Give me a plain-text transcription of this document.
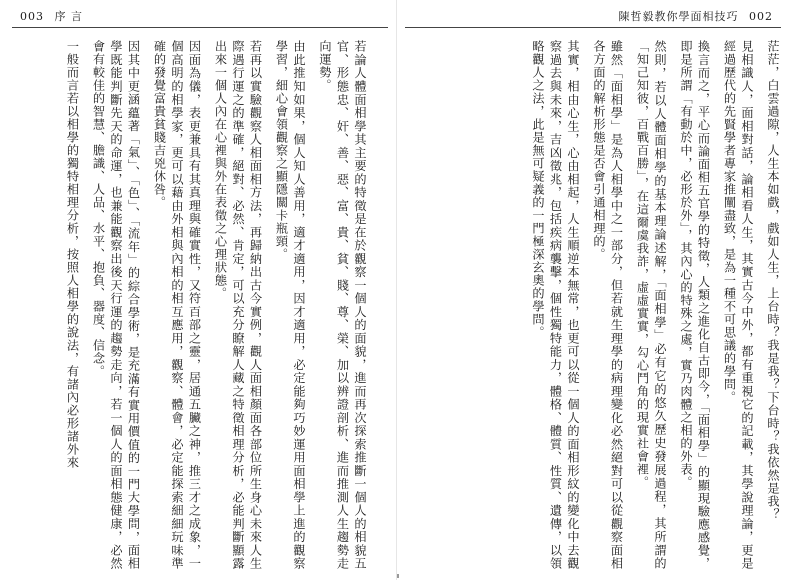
003 序 言

若論人體面相學其主要的特徵是在於觀察一個人的面貌，進而再次探索推斷一個人的相貌五官、形態忠、奸、善、惡、富、貴、貧、賤、尊、榮、加以辨證剖析、進而推測人生趨勢走向運勢。

由此推知如果，個人知人善用，適才適用，因才適用，必定能夠巧妙運用面相學上進的觀察學習，細心會領觀察之顯隱關卡瓶頸。

若再以實驗觀察人相面相方法，再歸納出古今實例，觀人面相顏面各部位所生身心未來人生際遇行運之的準確，絕對、必然、肯定，可以充分瞭解人藏之特徵相理分析，必能判斷顯露出來一個人內在心裡與外在表徵之心理狀態。

因面為儀，表更兼具有其真理與確實性，又符百部之靈，居通五臟之神，推三才之成象，一個高明的相學家，更可以藉由外相與內相的相互應用，觀察、體會，必定能探索細細玩味準確的發覺富貴貧賤吉兇休咎。

因其中更涵蘊著「氣」、「色」、「流年」的綜合學術，是充滿有實用價值的一門大學問，面相學既能判斷先天的命運，也兼能觀察出後天行運的趨勢走向，若一個人的面相態健康，必然會有較佳的智慧、膽識、人品、水平、抱負、器度、信念。

一般而言若以相學的獨特相理分析，按照人相學的說法，有諸內必形諸外來

陳哲毅教你學面相技巧 002

茫茫，白雲過隙，人生本如戲，戲如人生，上台時？我是我？下台時？我依然是我？

見相識人，面相對話，論相看人生，其實古今中外，都有重視它的記載，其學說理論，更是經過歷代的先賢學者專家推闡盡致，是為一種不可思議的學問。

換言而之，平心而論面相五官學的特徵，人類之進化自古即今，「面相學」的顯現驗應感覺，即是所謂「有動於中，必形於外」，其內心的特殊之處，實乃肉體之相的外表。

然則，若以人體面相學的基本理論述解，「面相學」必有它的悠久歷史發展過程，其所謂的「知己知彼，百戰百勝」，在這爾虞我詐，虛虛實實，勾心鬥角的現實社會裡。

雖然「面相學」是為人相學中之一部分，但若就生理學的病理變化必然絕對可以從觀察面相各方面的解析形態是否會引通相理的。

其實，相由心生，心由相起，人生順逆本無常，也更可以從一個人的面相形紋的變化中去觀察過去與未來，吉凶徵兆，包括疾病襲擊，個性獨特能力，體格、體質、性質、遺傳，以領略觀人之法，此是無可疑義的一門極深玄奧的學問。
